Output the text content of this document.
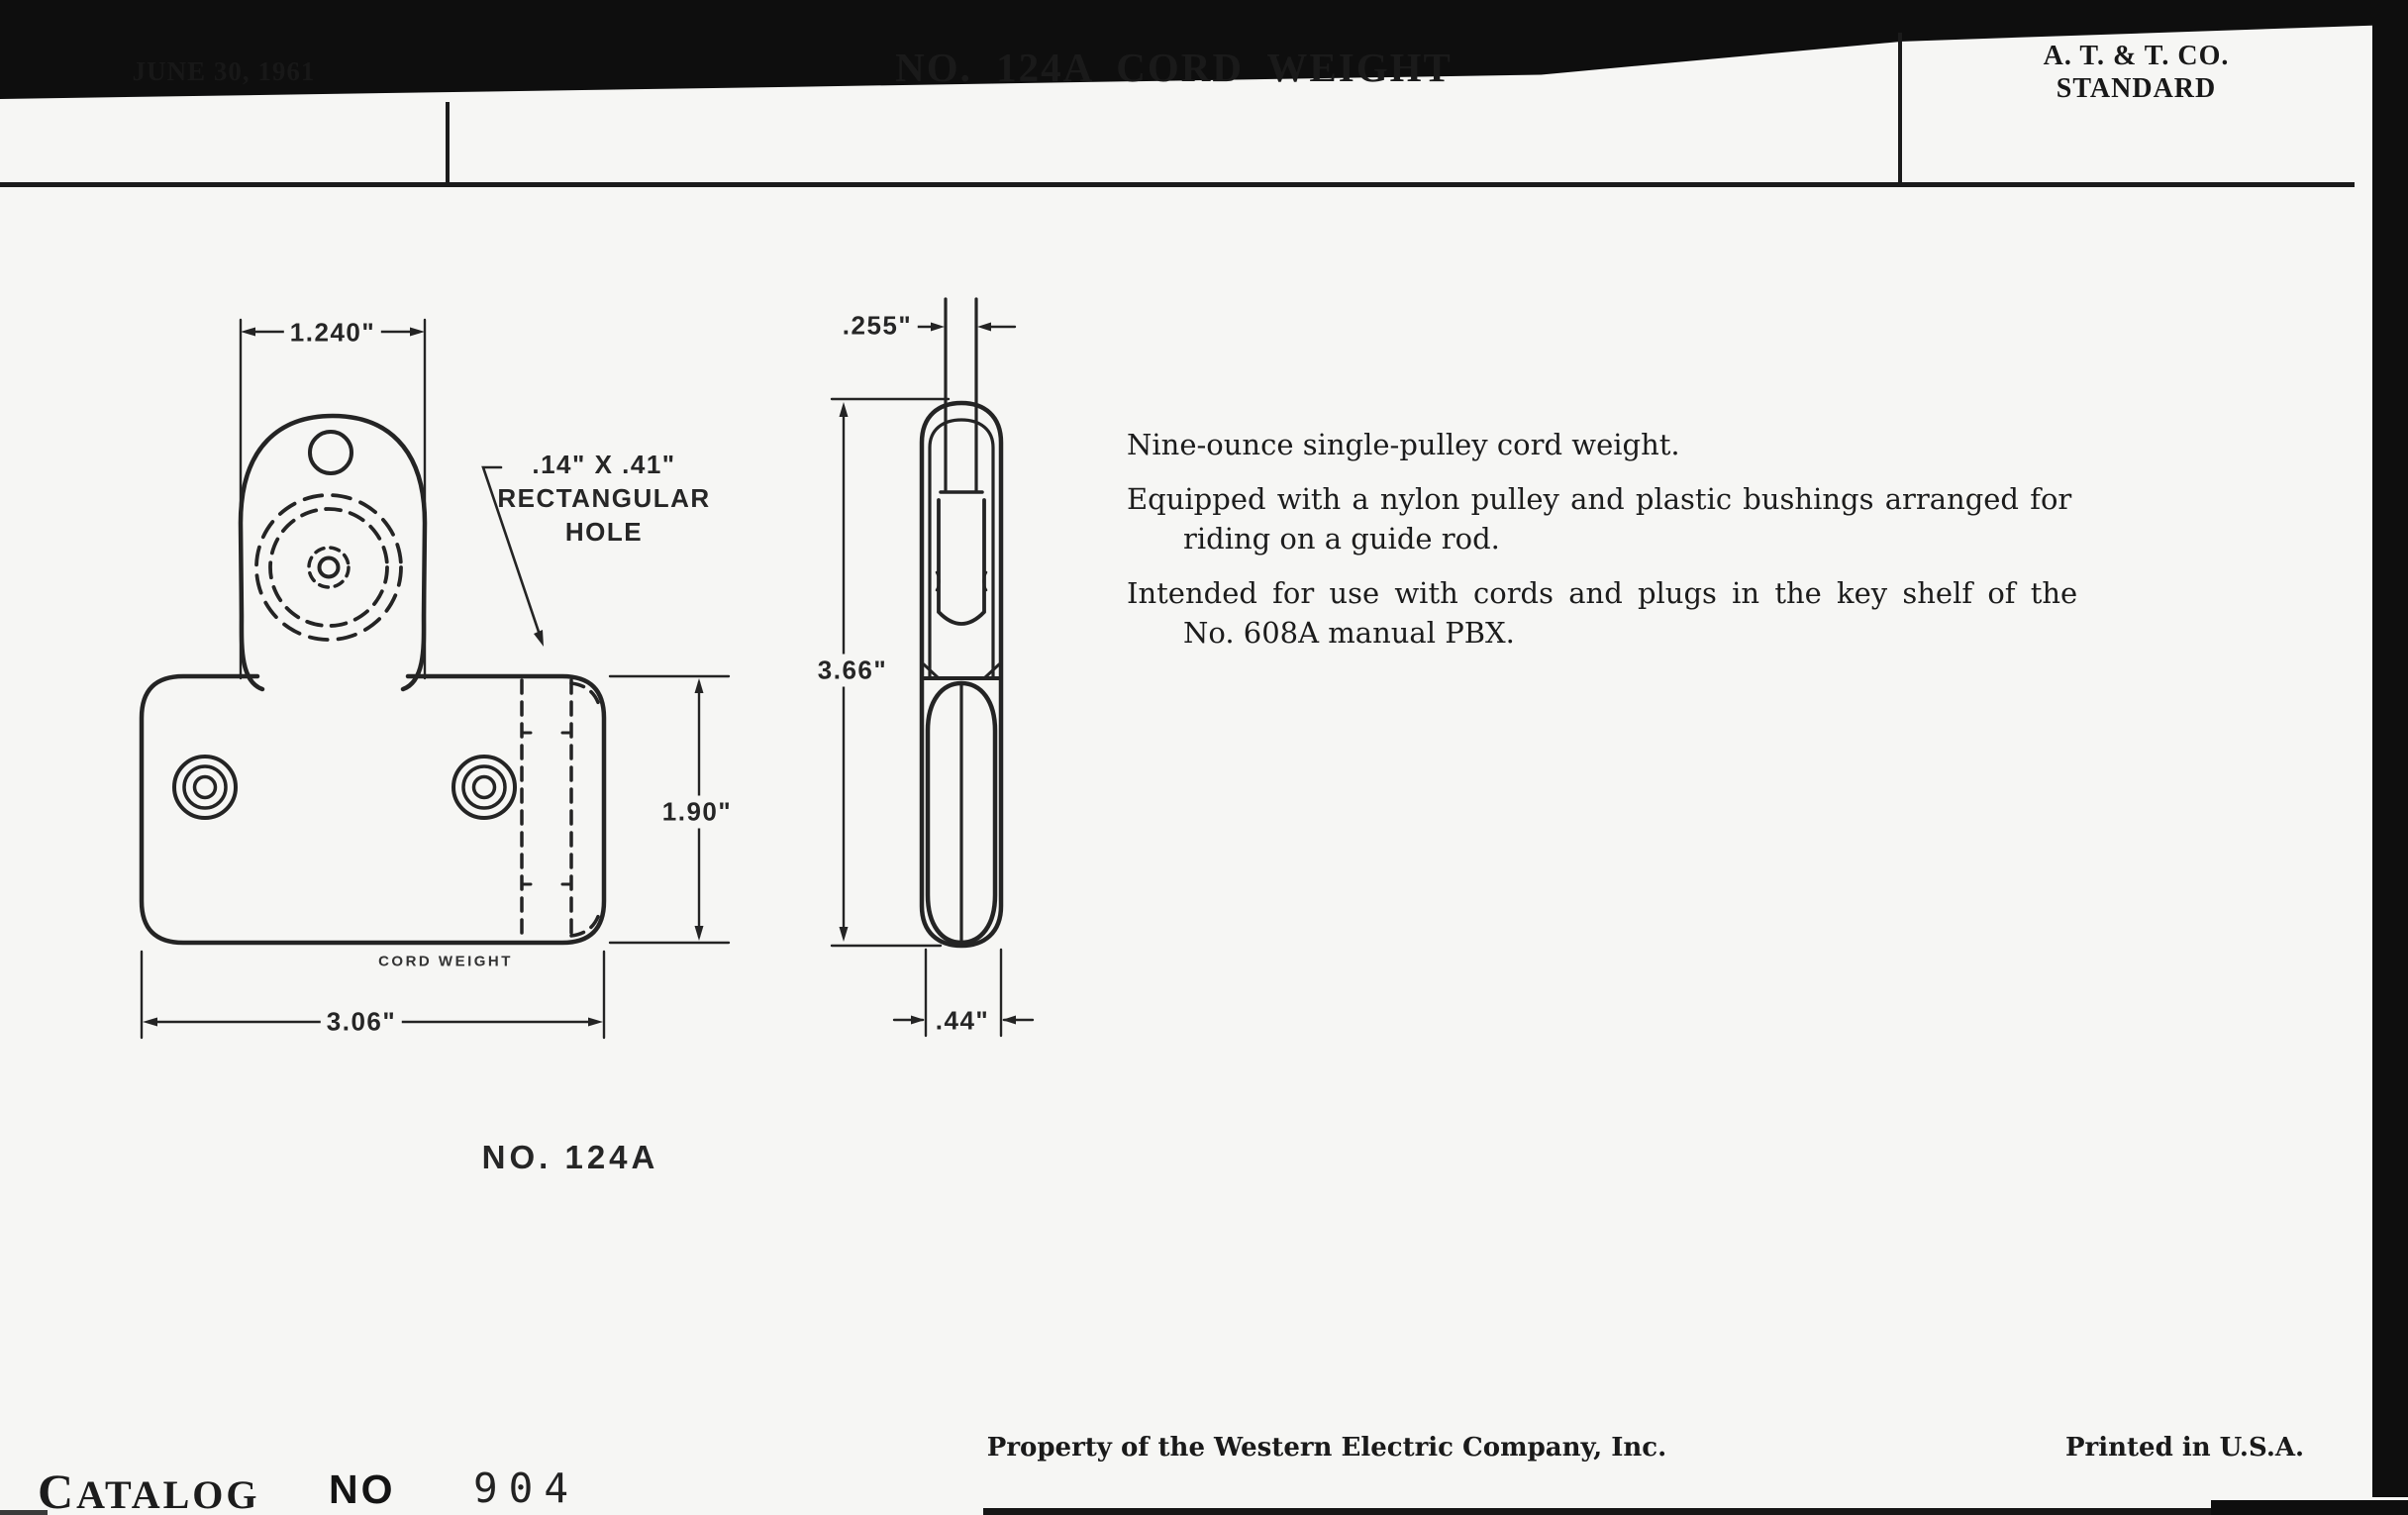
JUNE 30, 1961	NO. 124A CORD WEIGHT	A. T. & T. CO.
STANDARD
1.240"
1.90"
3.06"
.14" X .41"
RECTANGULAR
HOLE
CORD WEIGHT
NO. 124A
.255"
3.66"
.44"

Nine-ounce single-pulley cord weight.

Equipped with a nylon pulley and plastic bushings arranged for
riding on a guide rod.

Intended for use with cords and plugs in the key shelf of the
No. 608A manual PBX.

CATALOG NO 904
Property of the Western Electric Company, Inc.	Printed in U.S.A.
